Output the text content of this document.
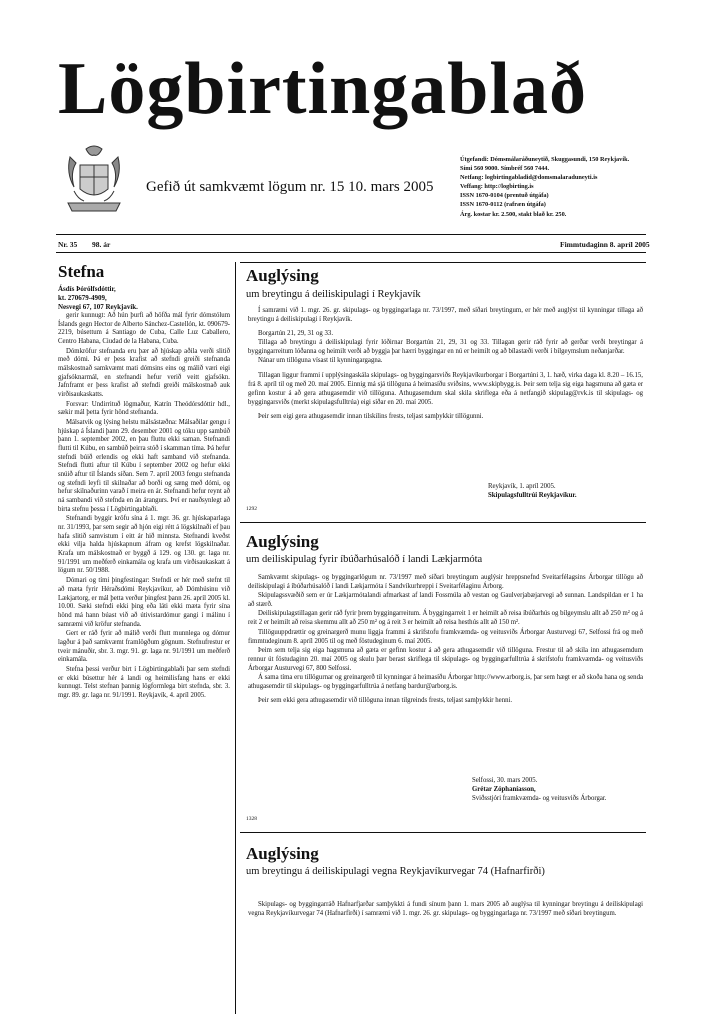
Lögbirtingablað
Gefið út samkvæmt lögum nr. 15 10. mars 2005
Útgefandi: Dómsmálaráðuneytið, Skuggasundi, 150 Reykjavík.
Sími 560 9000. Símbréf 560 7444.
Netfang: logbirtingabladid@domsmalaraduneyti.is
Veffang: http://logbirting.is
ISSN 1670-0104 (prentuð útgáfa)
ISSN 1670-0112 (rafræn útgáfa)
Árg. kostar kr. 2.500, stakt blað kr. 250.
Nr. 35 98. ár	Fimmtudaginn 8. apríl 2005
Stefna
Ásdís Þórólfsdóttir,
kt. 270679-4909,
Nesvegi 67, 107 Reykjavík.

gerir kunnugt: Að hún þurfi að höfða mál fyrir dómstólum Íslands gegn Hector de Alberto Sánchez-Castellón, kt. 090679-2219, búsettum á Santiago de Cuba, Calle Luz Caballero, Centro Habana, Ciudad de la Habana, Cuba.

Dómkröfur stefnanda eru þær að hjúskap aðila verði slitið með dómi. Þá er þess krafist að stefndi greiði stefnanda málskostnað samkvæmt mati dómsins eins og málið væri eigi gjafsóknarmál, en stefnandi hefur verið veitt gjafsókn. Jafnframt er þess krafist að stefndi greiði málskostnað auk virðisaukaskatts.

Forsvar: Undirrituð lögmaður, Katrín Theódórsdóttir hdl., sækir mál þetta fyrir hönd stefnanda.

Málsatvik og lýsing helstu málsástæðna: Málsaðilar gengu í hjúskap á Íslandi þann 29. desember 2001 og tóku upp sambúð þann 1. september 2002, en þau fluttu ekki saman. Stefnandi flutti til Kúbu, en sambúð þeirra stóð í skamman tíma. Þá hefur stefndi búið erlendis og ekki haft samband við stefnanda. Stefndi flutti aftur til Kúbu í september 2002 og hefur ekki snúið aftur til Íslands síðan. Sem 7. apríl 2003 fengu stefnanda og stefndi leyfi til skilnaðar að borði og sæng með dómi, og hefur skilnaðurinn varað í meira en ár. Stefnandi hefur reynt að ná sambandi við stefnda en án árangurs. Því er nauðsynlegt að birta stefnu þessa í Lögbirtingablaði.

Stefnandi byggir kröfu sína á 1. mgr. 36. gr. hjúskaparlaga nr. 31/1993, þar sem segir að hjón eigi rétt á lögskilnaði ef þau hafa slitið samvistum í eitt ár hið minnsta. Stefnandi kveðst ekki vilja halda hjúskapnum áfram og krefst lögskilnaðar. Krafa um málskostnað er byggð á 129. og 130. gr. laga nr. 91/1991 um meðferð einkamála og krafa um virðisaukaskatt á lögum nr. 50/1988.

Dómari og tími þingfestingar: Stefndi er hér með stefnt til að mæta fyrir Héraðsdómi Reykjavíkur, að Dómhúsinu við Lækjartorg, er mál þetta verður þingfest þann 26. apríl 2005 kl. 10.00. Sæki stefndi ekki þing eða láti ekki mæta fyrir sína hönd má hann búast við að útivistardómur gangi í málinu í samræmi við kröfur stefnanda.

Gert er ráð fyrir að málið verði flutt munnlega og dómur lagður á það samkvæmt framlögðum gögnum. Stefnufrestur er tveir mánuðir, sbr. 3. mgr. 91. gr. laga nr. 91/1991 um meðferð einkamála.

Stefna þessi verður birt í Lögbirtingablaði þar sem stefndi er ekki búsettur hér á landi og heimilisfang hans er ekki kunnugt. Telst stefnan þannig lögformlega birt stefnda, sbr. 3. mgr. 89. gr. laga nr. 91/1991. Reykjavík, 4. apríl 2005.

Auglýsing
um breytingu á deiliskipulagi í Reykjavík

Í samræmi við 1. mgr. 26. gr. skipulags- og byggingarlaga nr. 73/1997, með síðari breytingum, er hér með auglýst til kynningar tillaga að breytingu á deiliskipulagi í Reykjavík.

Borgartún 21, 29, 31 og 33.

Tillaga að breytingu á deiliskipulagi fyrir lóðirnar Borgartún 21, 29, 31 og 33. Tillagan gerir ráð fyrir að gerðar verði breytingar á byggingarreitum lóðanna og heimilt verði að byggja þar hærri byggingar en nú er heimilt og að bílastæði verði í bílgeymslum neðanjarðar.

Nánar um tillöguna vísast til kynningargagna.

Tillagan liggur frammi í upplýsingaskála skipulags- og byggingarsviðs Reykjavíkurborgar í Borgartúni 3, 1. hæð, virka daga kl. 8.20 – 16.15, frá 8. apríl til og með 20. maí 2005. Einnig má sjá tillöguna á heimasíðu sviðsins, www.skipbygg.is. Þeir sem telja sig eiga hagsmuna að gæta er gefinn kostur á að gera athugasemdir við tillöguna. Athugasemdum skal skila skriflega eða á netfangið skipulag@rvk.is til skipulags- og byggingarsviðs (merkt skipulagsfulltrúa) eigi síðar en 20. maí 2005.

Þeir sem eigi gera athugasemdir innan tilskilins frests, teljast samþykkir tillögunni.

Reykjavík, 1. apríl 2005.
Skipulagsfulltrúi Reykjavíkur.
1292
Auglýsing
um deiliskipulag fyrir íbúðarhúsalóð í landi Lækjarmóta

Samkvæmt skipulags- og byggingarlögum nr. 73/1997 með síðari breytingum auglýsir hreppsnefnd Sveitarfélagsins Árborgar tillögu að deiliskipulagi á íbúðarhúsalóð í landi Lækjarmóta í Sandvíkurhreppi í Sveitarfélaginu Árborg.

Skipulagssvæðið sem er úr Lækjarmótalandi afmarkast af landi Fossmúla að vestan og Gaulverjabæjarvegi að sunnan. Landspildan er 1 ha að stærð.

Deiliskipulagstillagan gerir ráð fyrir þrem byggingarreitum. Á byggingarreit 1 er heimilt að reisa íbúðarhús og bílgeymslu allt að 250 m² og á reit 2 er heimilt að reisa skemmu allt að 250 m² og á reit 3 er heimilt að reisa hesthús allt að 150 m².

Tillöguuppdrættir og greinargerð munu liggja frammi á skrifstofu framkvæmda- og veitusviðs Árborgar Austurvegi 67, Selfossi frá og með fimmtudeginum 8. apríl 2005 til og með föstudeginum 6. maí 2005.

Þeim sem telja sig eiga hagsmuna að gæta er gefinn kostur á að gera athugasemdir við tillöguna. Frestur til að skila inn athugasemdum rennur út föstudaginn 20. maí 2005 og skulu þær berast skriflega til skipulags- og byggingarfulltrúa á skrifstofu framkvæmda- og veitusviðs Árborgar Austurvegi 67, 800 Selfossi.

Á sama tíma eru tillögurnar og greinargerð til kynningar á heimasíðu Árborgar http://www.arborg.is, þar sem hægt er að skoða hana og senda athugasemdir til skipulags- og byggingarfulltrúa á netfang bardur@arborg.is.

Þeir sem ekki gera athugasemdir við tillöguna innan tilgreinds frests, teljast samþykkir henni.

Selfossi, 30. mars 2005.
Grétar Zóphaníasson,
Sviðsstjóri framkvæmda- og veitusviðs Árborgar.
1328
Auglýsing
um breytingu á deiliskipulagi vegna Reykjavíkurvegar 74 (Hafnarfirði)

Skipulags- og byggingarráð Hafnarfjarðar samþykkti á fundi sínum þann 1. mars 2005 að auglýsa til kynningar breytingu á deiliskipulagi vegna Reykjavíkurvegar 74 (Hafnarfirði) í samræmi við 1. mgr. 26. gr. skipulags- og byggingarlaga nr. 73/1997 með síðari breytingum.
